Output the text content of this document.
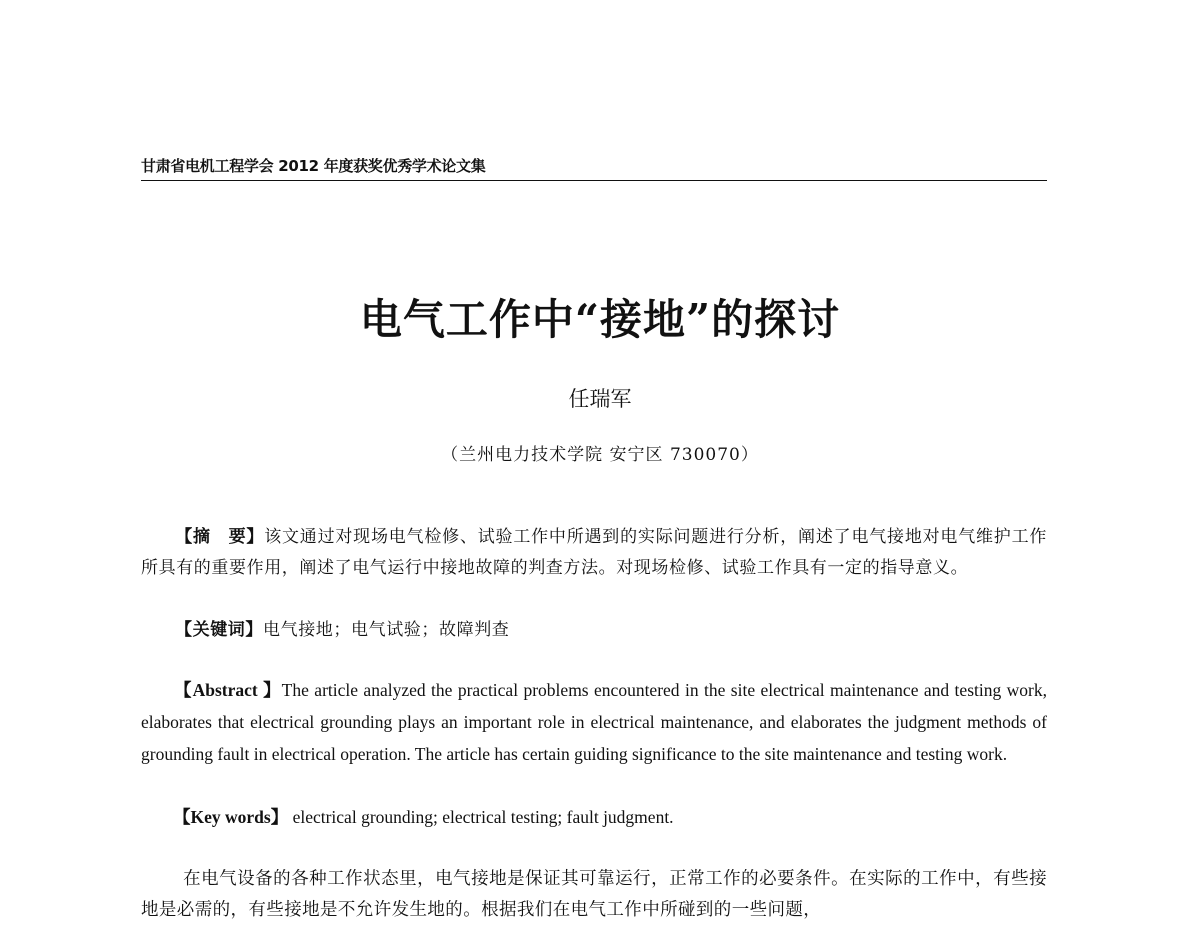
甘肃省电机工程学会 2012 年度获奖优秀学术论文集
电气工作中“接地”的探讨
任瑞军
（兰州电力技术学院 安宁区 730070）
【摘　要】该文通过对现场电气检修、试验工作中所遇到的实际问题进行分析，阐述了电气接地对电气维护工作所具有的重要作用，阐述了电气运行中接地故障的判查方法。对现场检修、试验工作具有一定的指导意义。
【关键词】电气接地；电气试验；故障判查
【Abstract 】The article analyzed the practical problems encountered in the site electrical maintenance and testing work, elaborates that electrical grounding plays an important role in electrical maintenance, and elaborates the judgment methods of grounding fault in electrical operation. The article has certain guiding significance to the site maintenance and testing work.
【Key words】 electrical grounding; electrical testing; fault judgment.
在电气设备的各种工作状态里，电气接地是保证其可靠运行，正常工作的必要条件。在实际的工作中，有些接地是必需的，有些接地是不允许发生地的。根据我们在电气工作中所碰到的一些问题，
